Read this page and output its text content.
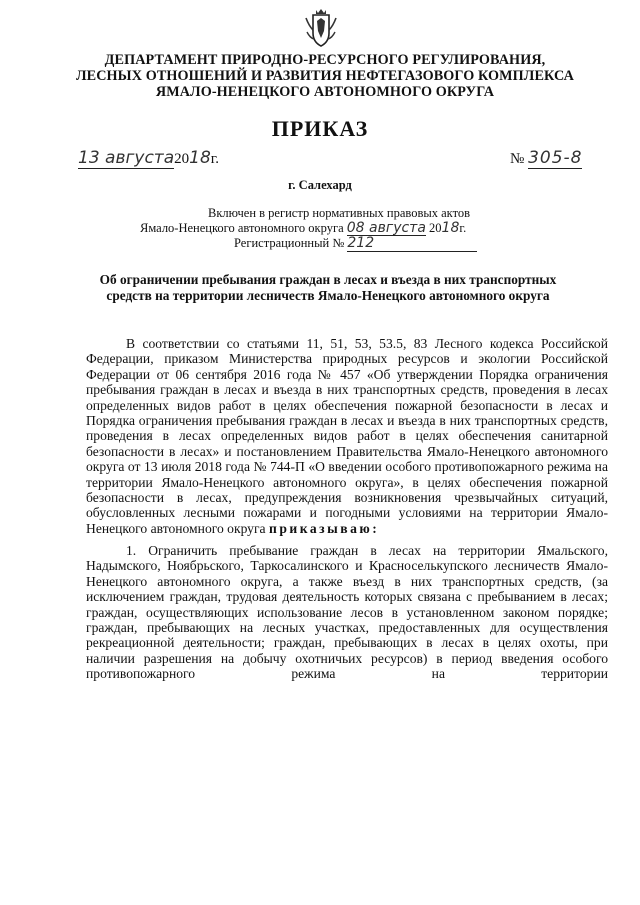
ДЕПАРТАМЕНТ ПРИРОДНО-РЕСУРСНОГО РЕГУЛИРОВАНИЯ,
ЛЕСНЫХ ОТНОШЕНИЙ И РАЗВИТИЯ НЕФТЕГАЗОВОГО КОМПЛЕКСА
ЯМАЛО-НЕНЕЦКОГО АВТОНОМНОГО ОКРУГА
ПРИКАЗ
13 августа2018г.	№ 305-8
г. Салехард
Включен в регистр нормативных правовых актов
Ямало-Ненецкого автономного округа 08 августа 2018г.
Регистрационный № 212
Об ограничении пребывания граждан в лесах и въезда в них транспортных средств на территории лесничеств Ямало-Ненецкого автономного округа
В соответствии со статьями 11, 51, 53, 53.5, 83 Лесного кодекса Российской Федерации, приказом Министерства природных ресурсов и экологии Российской Федерации от 06 сентября 2016 года № 457 «Об утверждении Порядка ограничения пребывания граждан в лесах и въезда в них транспортных средств, проведения в лесах определенных видов работ в целях обеспечения пожарной безопасности в лесах и Порядка ограничения пребывания граждан в лесах и въезда в них транспортных средств, проведения в лесах определенных видов работ в целях обеспечения санитарной безопасности в лесах» и постановлением Правительства Ямало-Ненецкого автономного округа от 13 июля 2018 года № 744-П «О введении особого противопожарного режима на территории Ямало-Ненецкого автономного округа», в целях обеспечения пожарной безопасности в лесах, предупреждения возникновения чрезвычайных ситуаций, обусловленных лесными пожарами и погодными условиями на территории Ямало-Ненецкого автономного округа приказываю:
1. Ограничить пребывание граждан в лесах на территории Ямальского, Надымского, Ноябрьского, Таркосалинского и Красноселькупского лесничеств Ямало-Ненецкого автономного округа, а также въезд в них транспортных средств, (за исключением граждан, трудовая деятельность которых связана с пребыванием в лесах; граждан, осуществляющих использование лесов в установленном законом порядке; граждан, пребывающих на лесных участках, предоставленных для осуществления рекреационной деятельности; граждан, пребывающих в лесах в целях охоты, при наличии разрешения на добычу охотничьих ресурсов) в период введения особого противопожарного режима на территории
